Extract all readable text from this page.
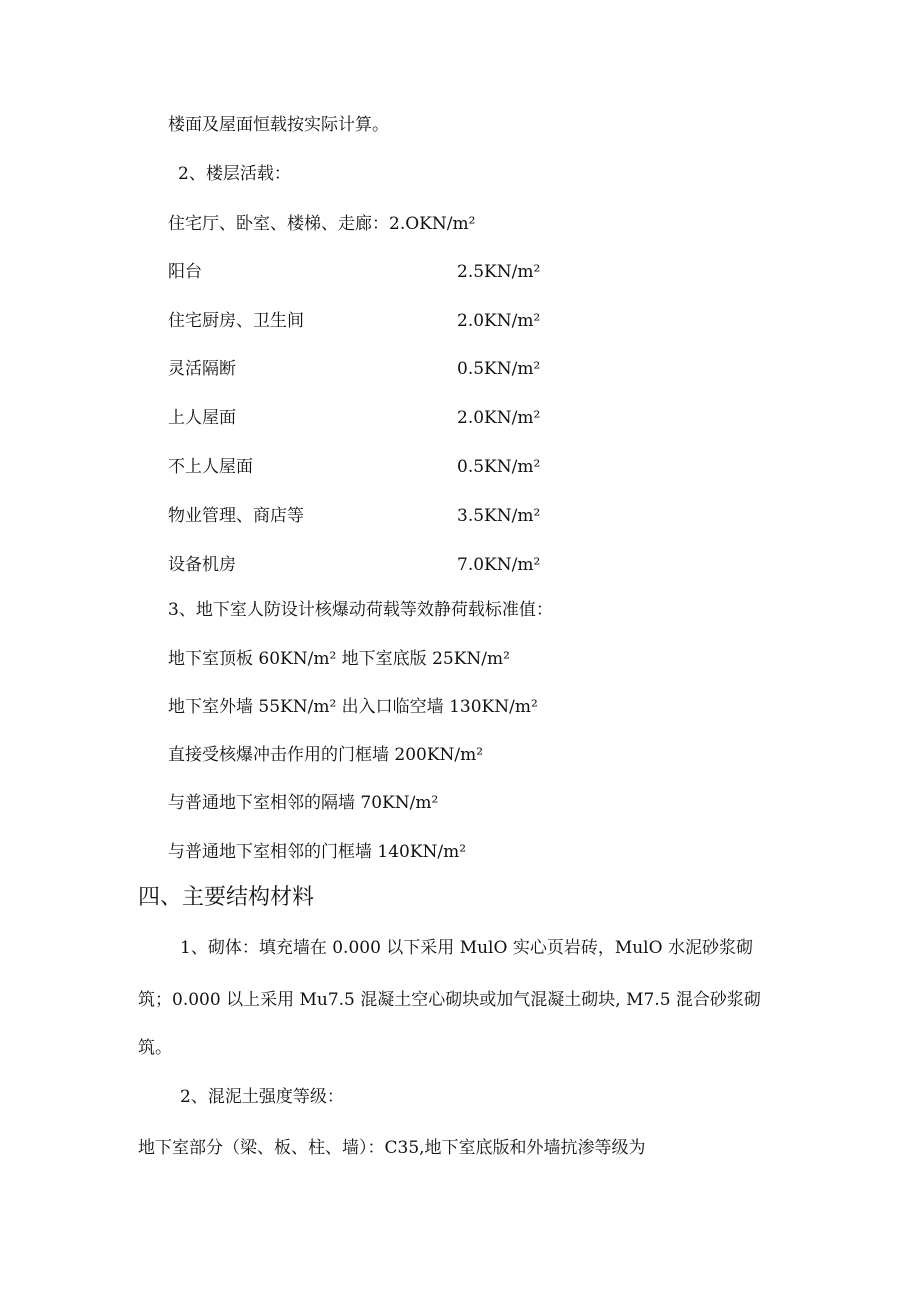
楼面及屋面恒载按实际计算。
2、楼层活载：
住宅厅、卧室、楼梯、走廊：2.OKN/m²
阳台	2.5KN∕m²
住宅厨房、卫生间	2.0KN∕m²
灵活隔断	0.5KN∕m²
上人屋面	2.0KN∕m²
不上人屋面	0.5KN∕m²
物业管理、商店等	3.5KN∕m²
设备机房	7.0KN∕m²
3、地下室人防设计核爆动荷载等效静荷载标准值：
地下室顶板 60KN∕m² 地下室底版 25KN∕m²
地下室外墙 55KN∕m² 出入口临空墙 130KN∕m²
直接受核爆冲击作用的门框墙 200KN∕m²
与普通地下室相邻的隔墙 70KN∕m²
与普通地下室相邻的门框墙 140KN∕m²
四、主要结构材料
1、砌体：填充墙在 0.000 以下采用 MulO 实心页岩砖，MulO 水泥砂浆砌
筑；0.000 以上采用 Mu7.5 混凝土空心砌块或加气混凝土砌块, M7.5 混合砂浆砌
筑。
2、混泥土强度等级：
地下室部分（梁、板、柱、墙）：C35,地下室底版和外墙抗渗等级为
